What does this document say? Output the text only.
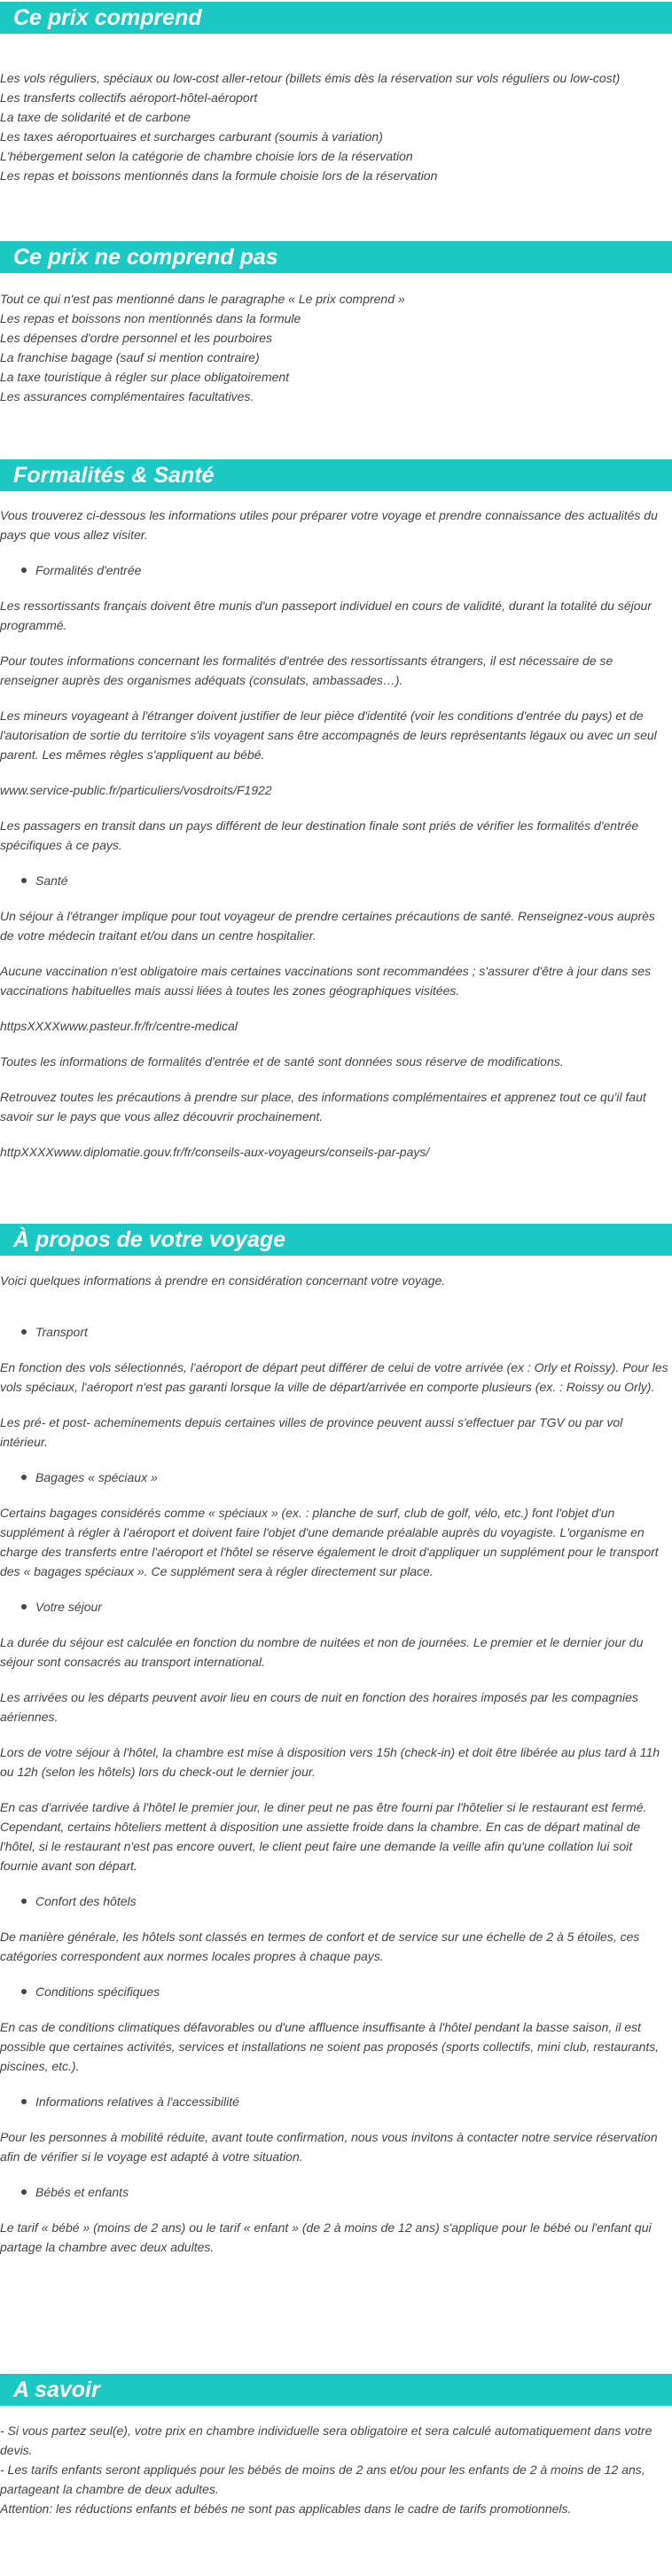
Ce prix comprend
Les vols réguliers, spéciaux ou low-cost aller-retour (billets émis dès la réservation sur vols réguliers ou low-cost)
Les transferts collectifs aéroport-hôtel-aéroport
La taxe de solidarité et de carbone
Les taxes aéroportuaires et surcharges carburant (soumis à variation)
L'hébergement selon la catégorie de chambre choisie lors de la réservation
Les repas et boissons mentionnés dans la formule choisie lors de la réservation
Ce prix ne comprend pas
Tout ce qui n'est pas mentionné dans le paragraphe « Le prix comprend »
Les repas et boissons non mentionnés dans la formule
Les dépenses d'ordre personnel et les pourboires
La franchise bagage (sauf si mention contraire)
La taxe touristique à régler sur place obligatoirement
Les assurances complémentaires facultatives.
Formalités & Santé

Vous trouverez ci-dessous les informations utiles pour préparer votre voyage et prendre connaissance des actualités du pays que vous allez visiter.

Formalités d'entrée

Les ressortissants français doivent être munis d'un passeport individuel en cours de validité, durant la totalité du séjour programmé.

Pour toutes informations concernant les formalités d'entrée des ressortissants étrangers, il est nécessaire de se renseigner auprès des organismes adéquats (consulats, ambassades…).

Les mineurs voyageant à l'étranger doivent justifier de leur pièce d'identité (voir les conditions d'entrée du pays) et de l'autorisation de sortie du territoire s'ils voyagent sans être accompagnés de leurs représentants légaux ou avec un seul parent. Les mêmes règles s'appliquent au bébé.

www.service-public.fr/particuliers/vosdroits/F1922

Les passagers en transit dans un pays différent de leur destination finale sont priés de vérifier les formalités d'entrée spécifiques à ce pays.

Santé

Un séjour à l'étranger implique pour tout voyageur de prendre certaines précautions de santé. Renseignez-vous auprès de votre médecin traitant et/ou dans un centre hospitalier.

Aucune vaccination n'est obligatoire mais certaines vaccinations sont recommandées ; s'assurer d'être à jour dans ses vaccinations habituelles mais aussi liées à toutes les zones géographiques visitées.

httpsXXXXwww.pasteur.fr/fr/centre-medical

Toutes les informations de formalités d'entrée et de santé sont données sous réserve de modifications.

Retrouvez toutes les précautions à prendre sur place, des informations complémentaires et apprenez tout ce qu'il faut savoir sur le pays que vous allez découvrir prochainement.

httpXXXXwww.diplomatie.gouv.fr/fr/conseils-aux-voyageurs/conseils-par-pays/

À propos de votre voyage

Voici quelques informations à prendre en considération concernant votre voyage.

Transport

En fonction des vols sélectionnés, l'aéroport de départ peut différer de celui de votre arrivée (ex : Orly et Roissy). Pour les vols spéciaux, l'aéroport n'est pas garanti lorsque la ville de départ/arrivée en comporte plusieurs (ex. : Roissy ou Orly).

Les pré- et post- acheminements depuis certaines villes de province peuvent aussi s'effectuer par TGV ou par vol intérieur.

Bagages « spéciaux »

Certains bagages considérés comme « spéciaux » (ex. : planche de surf, club de golf, vélo, etc.) font l'objet d'un supplément à régler à l'aéroport et doivent faire l'objet d'une demande préalable auprès du voyagiste. L'organisme en charge des transferts entre l'aéroport et l'hôtel se réserve également le droit d'appliquer un supplément pour le transport des « bagages spéciaux ». Ce supplément sera à régler directement sur place.

Votre séjour

La durée du séjour est calculée en fonction du nombre de nuitées et non de journées. Le premier et le dernier jour du séjour sont consacrés au transport international.

Les arrivées ou les départs peuvent avoir lieu en cours de nuit en fonction des horaires imposés par les compagnies aériennes.

Lors de votre séjour à l'hôtel, la chambre est mise à disposition vers 15h (check-in) et doit être libérée au plus tard à 11h ou 12h (selon les hôtels) lors du check-out le dernier jour.

En cas d'arrivée tardive à l'hôtel le premier jour, le diner peut ne pas être fourni par l'hôtelier si le restaurant est fermé. Cependant, certains hôteliers mettent à disposition une assiette froide dans la chambre. En cas de départ matinal de l'hôtel, si le restaurant n'est pas encore ouvert, le client peut faire une demande la veille afin qu'une collation lui soit fournie avant son départ.

Confort des hôtels

De manière générale, les hôtels sont classés en termes de confort et de service sur une échelle de 2 à 5 étoiles, ces catégories correspondent aux normes locales propres à chaque pays.

Conditions spécifiques

En cas de conditions climatiques défavorables ou d'une affluence insuffisante à l'hôtel pendant la basse saison, il est possible que certaines activités, services et installations ne soient pas proposés (sports collectifs, mini club, restaurants, piscines, etc.).

Informations relatives à l'accessibilité

Pour les personnes à mobilité réduite, avant toute confirmation, nous vous invitons à contacter notre service réservation afin de vérifier si le voyage est adapté à votre situation.

Bébés et enfants

Le tarif « bébé » (moins de 2 ans) ou le tarif « enfant » (de 2 à moins de 12 ans) s'applique pour le bébé ou l'enfant qui partage la chambre avec deux adultes.

A savoir
- Si vous partez seul(e), votre prix en chambre individuelle sera obligatoire et sera calculé automatiquement dans votre devis.
- Les tarifs enfants seront appliqués pour les bébés de moins de 2 ans et/ou pour les enfants de 2 à moins de 12 ans, partageant la chambre de deux adultes.
Attention: les réductions enfants et bébés ne sont pas applicables dans le cadre de tarifs promotionnels.
